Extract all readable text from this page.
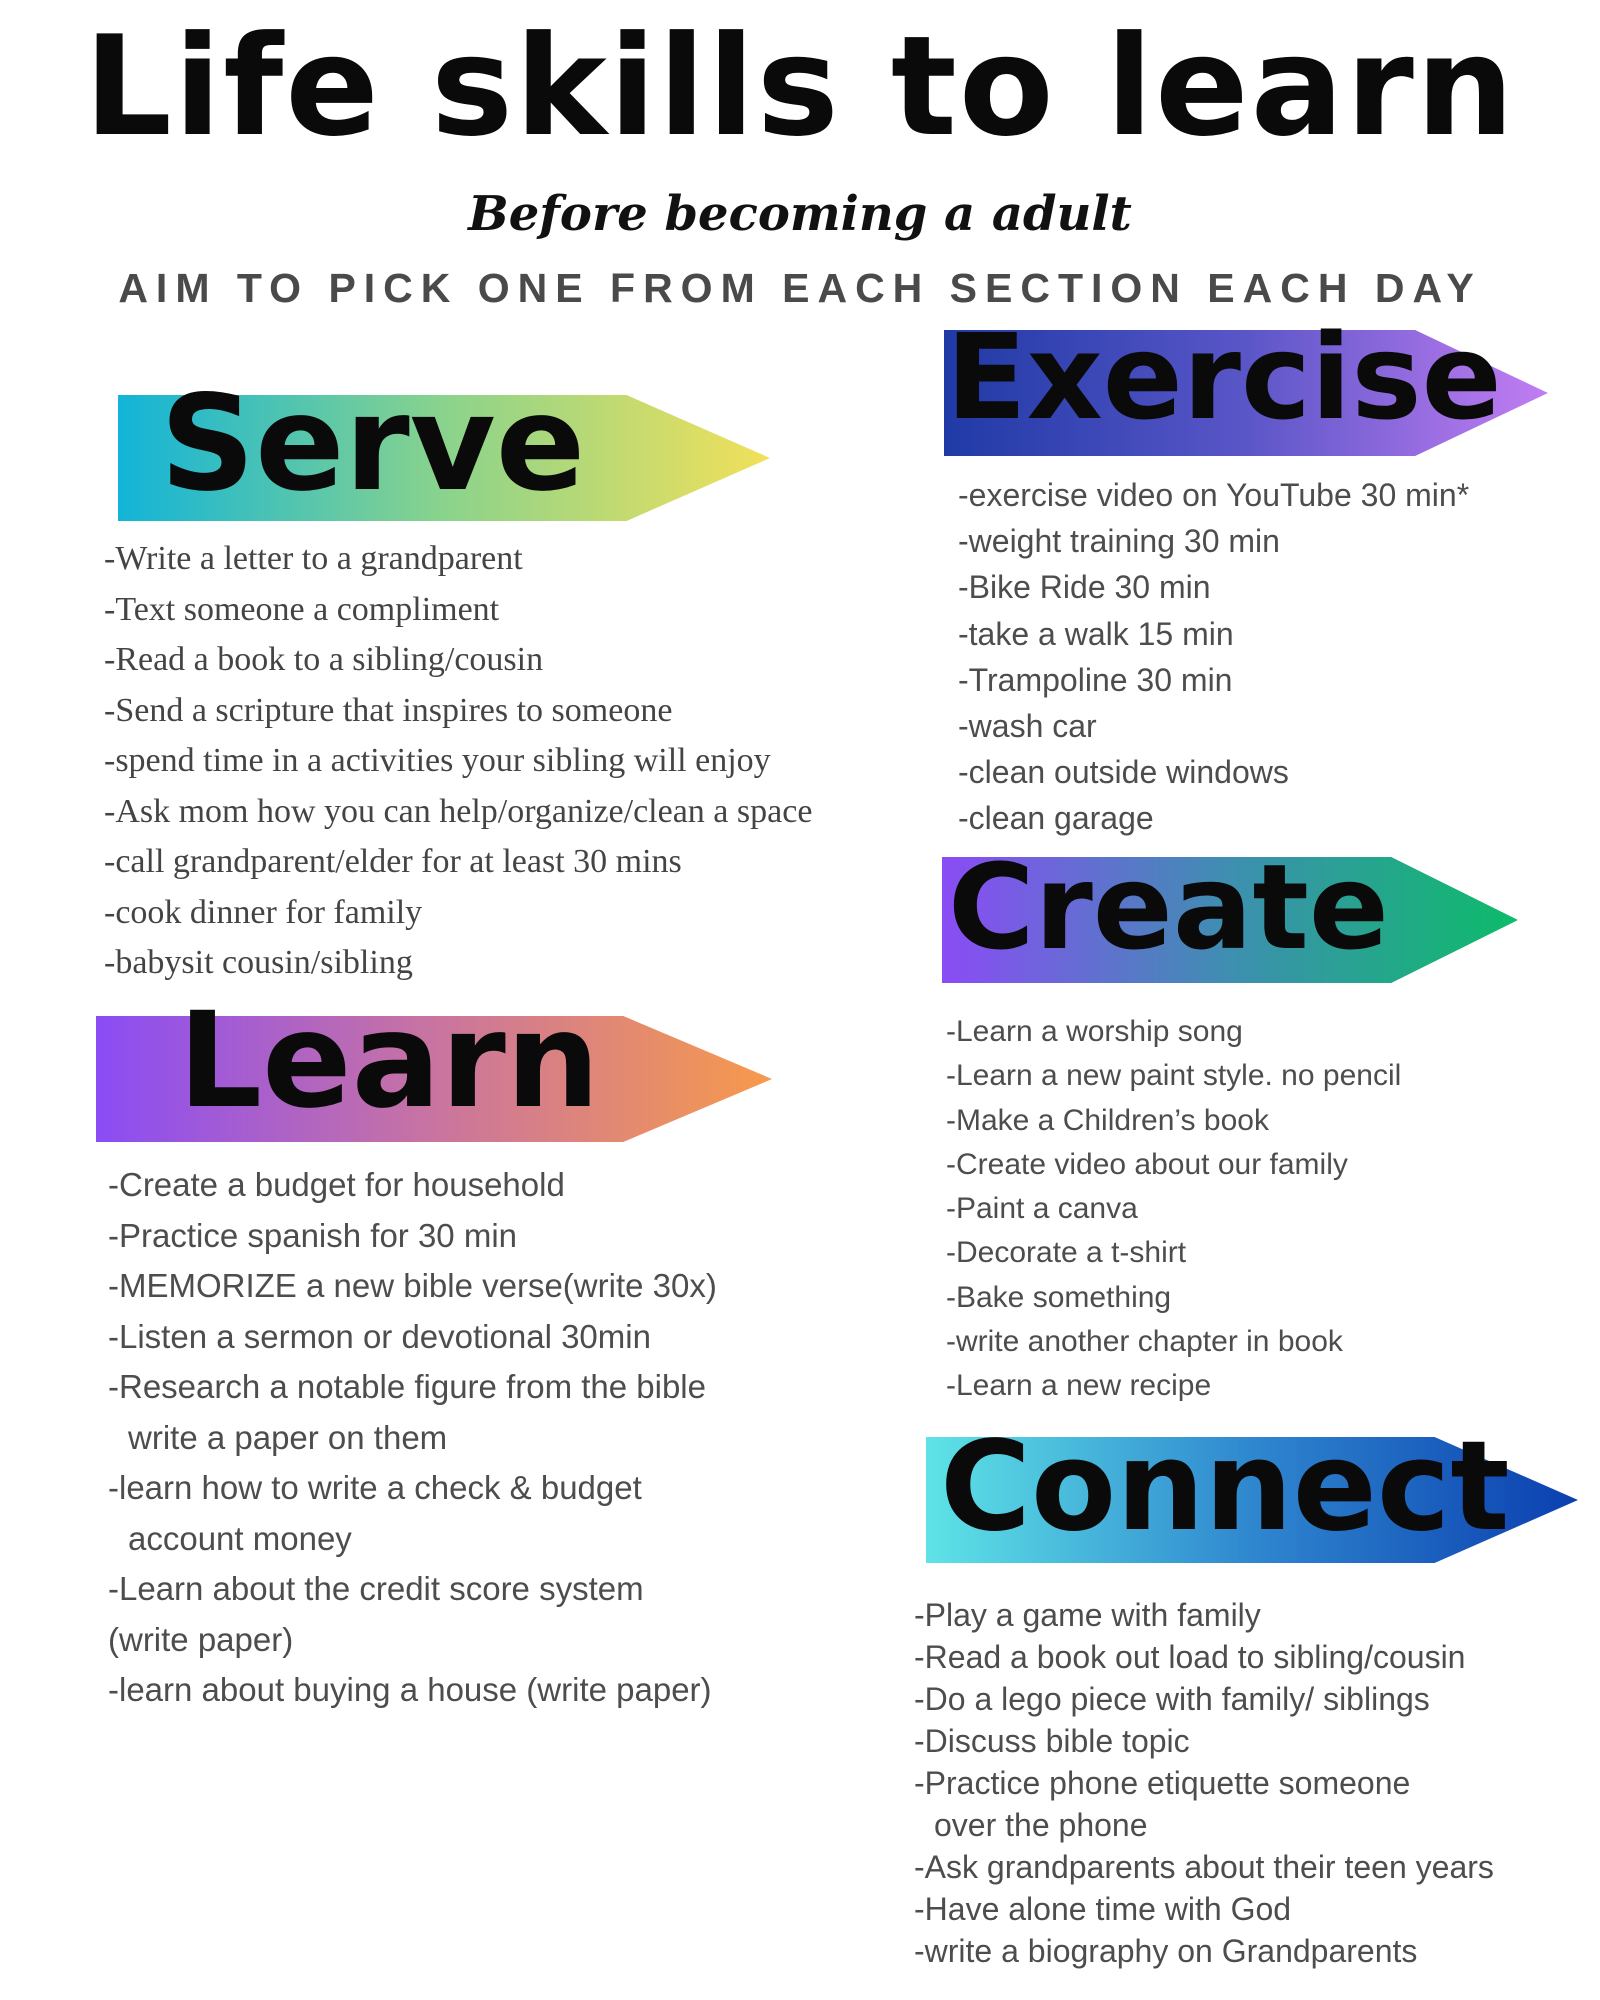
Life skills to learn
Before becoming a adult
AIM TO PICK ONE FROM EACH SECTION EACH DAY
Serve
-Write a letter to a grandparent
-Text someone a compliment
-Read a book to a sibling/cousin
-Send a scripture that inspires to someone
-spend time in a activities your sibling will enjoy
-Ask mom how you can help/organize/clean a space
-call grandparent/elder for at least 30 mins
-cook dinner for family
-babysit cousin/sibling
Learn
-Create a budget for household
-Practice spanish for 30 min
-MEMORIZE a new bible verse(write 30x)
-Listen a sermon or devotional 30min
-Research a notable figure from the bible
write a paper on them
-learn how to write a check & budget
account money
-Learn about the credit score system
(write paper)
-learn about buying a house (write paper)
Exercise
-exercise video on YouTube 30 min*
-weight training 30 min
-Bike Ride 30 min
-take a walk 15 min
-Trampoline 30 min
-wash car
-clean outside windows
-clean garage
Create
-Learn a worship song
-Learn a new paint style. no pencil
-Make a Children’s book
-Create video about our family
-Paint a canva
-Decorate a t-shirt
-Bake something
-write another chapter in book
-Learn a new recipe
Connect
-Play a game with family
-Read a book out load to sibling/cousin
-Do a lego piece with family/ siblings
-Discuss bible topic
-Practice phone etiquette someone
over the phone
-Ask grandparents about their teen years
-Have alone time with God
-write a biography on Grandparents
